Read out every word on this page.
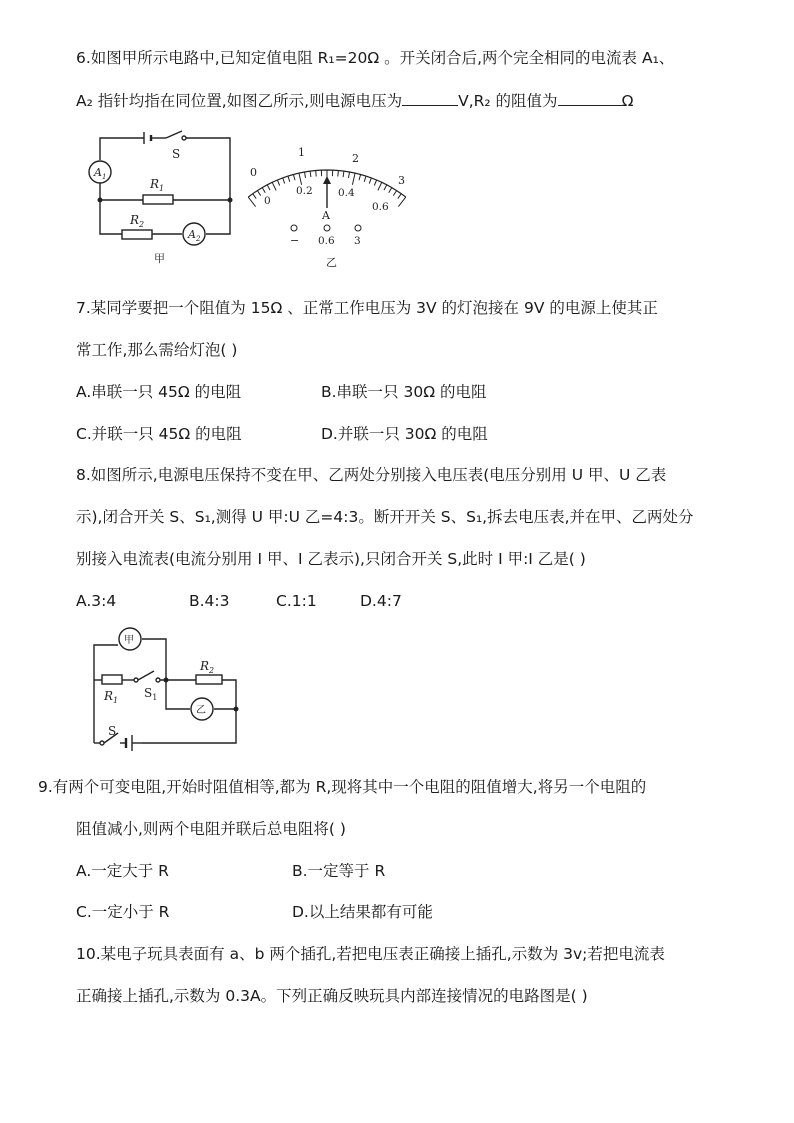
6.如图甲所示电路中,已知定值电阻 R₁=20Ω 。开关闭合后,两个完全相同的电流表 A₁、
A₂ 指针均指在同位置,如图乙所示,则电源电压为	V,R₂ 的阻值为	Ω
S
$A_1$	$R_1$
$R_2$
$A_2$
甲
0
1	2
3
0
0.2 0.4
0.6
A
− 0.6 3
乙
7.某同学要把一个阻值为 15Ω 、正常工作电压为 3V 的灯泡接在 9V 的电源上使其正
常工作,那么需给灯泡( )
A.串联一只 45Ω 的电阻	B.串联一只 30Ω 的电阻
C.并联一只 45Ω 的电阻	D.并联一只 30Ω 的电阻
8.如图所示,电源电压保持不变在甲、乙两处分别接入电压表(电压分别用 U 甲、U 乙表
示),闭合开关 S、S₁,测得 U 甲:U 乙=4:3。断开开关 S、S₁,拆去电压表,并在甲、乙两处分
别接入电流表(电流分别用 I 甲、I 乙表示),只闭合开关 S,此时 I 甲:I 乙是( )
A.3:4	B.4:3	C.1:1	D.4:7
甲
乙
$R_1$
$R_2$
$S_1$
S
9.有两个可变电阻,开始时阻值相等,都为 R,现将其中一个电阻的阻值增大,将另一个电阻的
阻值减小,则两个电阻并联后总电阻将( )
A.一定大于 R	B.一定等于 R
C.一定小于 R	D.以上结果都有可能
10.某电子玩具表面有 a、b 两个插孔,若把电压表正确接上插孔,示数为 3v;若把电流表
正确接上插孔,示数为 0.3A。下列正确反映玩具内部连接情况的电路图是( )
